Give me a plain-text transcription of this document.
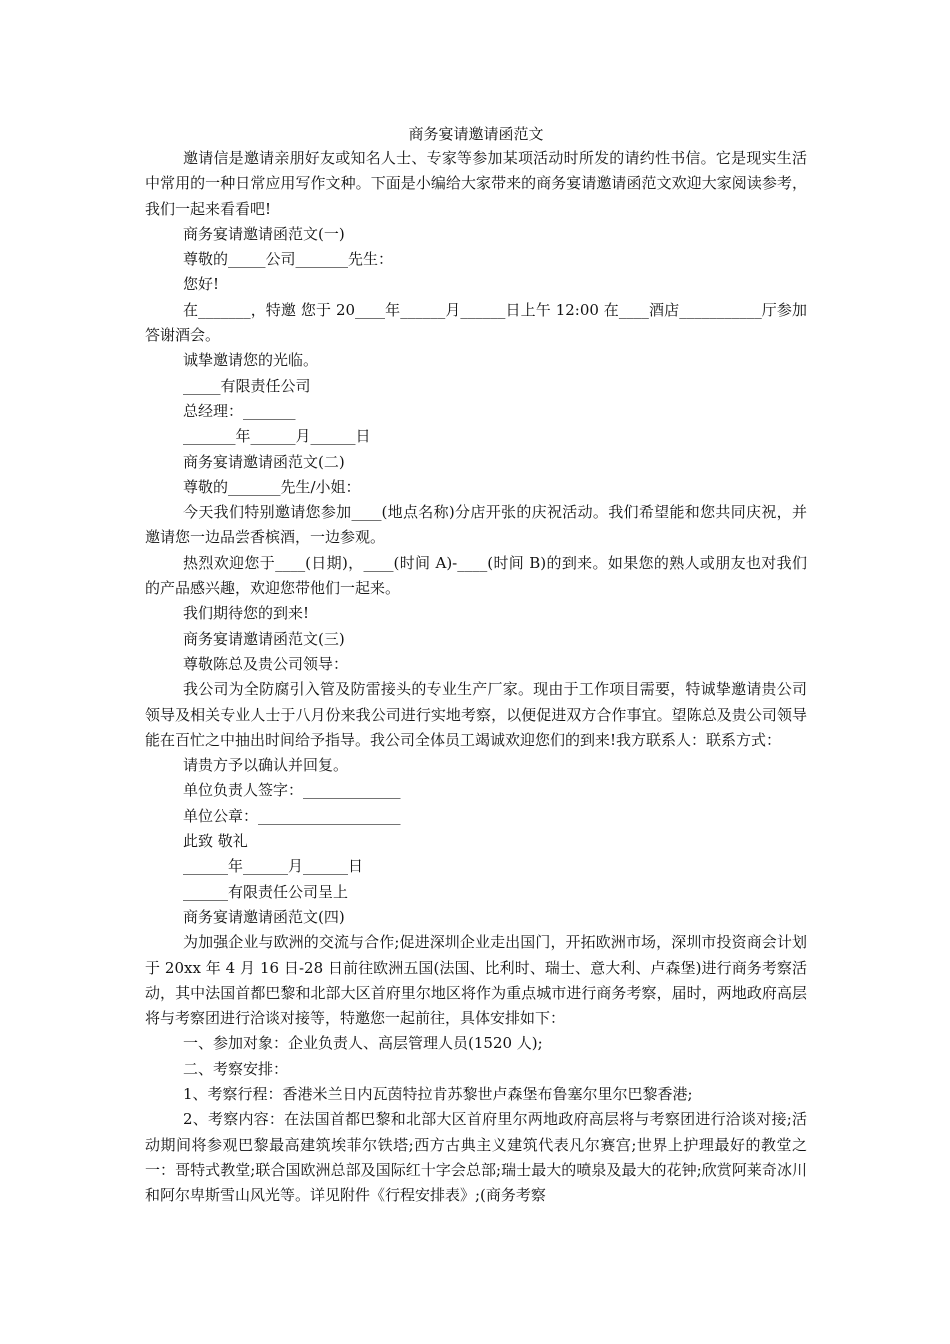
商务宴请邀请函范文

邀请信是邀请亲朋好友或知名人士、专家等参加某项活动时所发的请约性书信。它是现实生活中常用的一种日常应用写作文种。下面是小编给大家带来的商务宴请邀请函范文欢迎大家阅读参考，我们一起来看看吧!

商务宴请邀请函范文(一)

尊敬的_____公司_______先生：

您好!

在_______，特邀 您于 20____年______月______日上午 12:00 在____酒店___________厅参加答谢酒会。

诚挚邀请您的光临。

_____有限责任公司

总经理：_______

_______年______月______日

商务宴请邀请函范文(二)

尊敬的_______先生/小姐：

今天我们特别邀请您参加____(地点名称)分店开张的庆祝活动。我们希望能和您共同庆祝，并邀请您一边品尝香槟酒，一边参观。

热烈欢迎您于____(日期)，____(时间 A)-____(时间 B)的到来。如果您的熟人或朋友也对我们的产品感兴趣，欢迎您带他们一起来。

我们期待您的到来!

商务宴请邀请函范文(三)

尊敬陈总及贵公司领导：

我公司为全防腐引入管及防雷接头的专业生产厂家。现由于工作项目需要，特诚挚邀请贵公司领导及相关专业人士于八月份来我公司进行实地考察，以便促进双方合作事宜。望陈总及贵公司领导能在百忙之中抽出时间给予指导。我公司全体员工竭诚欢迎您们的到来!我方联系人：联系方式：

请贵方予以确认并回复。

单位负责人签字：_____________

单位公章：___________________

此致 敬礼

______年______月______日

______有限责任公司呈上

商务宴请邀请函范文(四)

为加强企业与欧洲的交流与合作;促进深圳企业走出国门，开拓欧洲市场，深圳市投资商会计划于 20xx 年 4 月 16 日-28 日前往欧洲五国(法国、比利时、瑞士、意大利、卢森堡)进行商务考察活动，其中法国首都巴黎和北部大区首府里尔地区将作为重点城市进行商务考察，届时，两地政府高层将与考察团进行洽谈对接等，特邀您一起前往，具体安排如下：

一、参加对象：企业负责人、高层管理人员(1520 人);

二、考察安排：

1、考察行程：香港米兰日内瓦茵特拉肯苏黎世卢森堡布鲁塞尔里尔巴黎香港;

2、考察内容：在法国首都巴黎和北部大区首府里尔两地政府高层将与考察团进行洽谈对接;活动期间将参观巴黎最高建筑埃菲尔铁塔;西方古典主义建筑代表凡尔赛宫;世界上护理最好的教堂之一：哥特式教堂;联合国欧洲总部及国际红十字会总部;瑞士最大的喷泉及最大的花钟;欣赏阿莱奇冰川和阿尔卑斯雪山风光等。详见附件《行程安排表》;(商务考察
